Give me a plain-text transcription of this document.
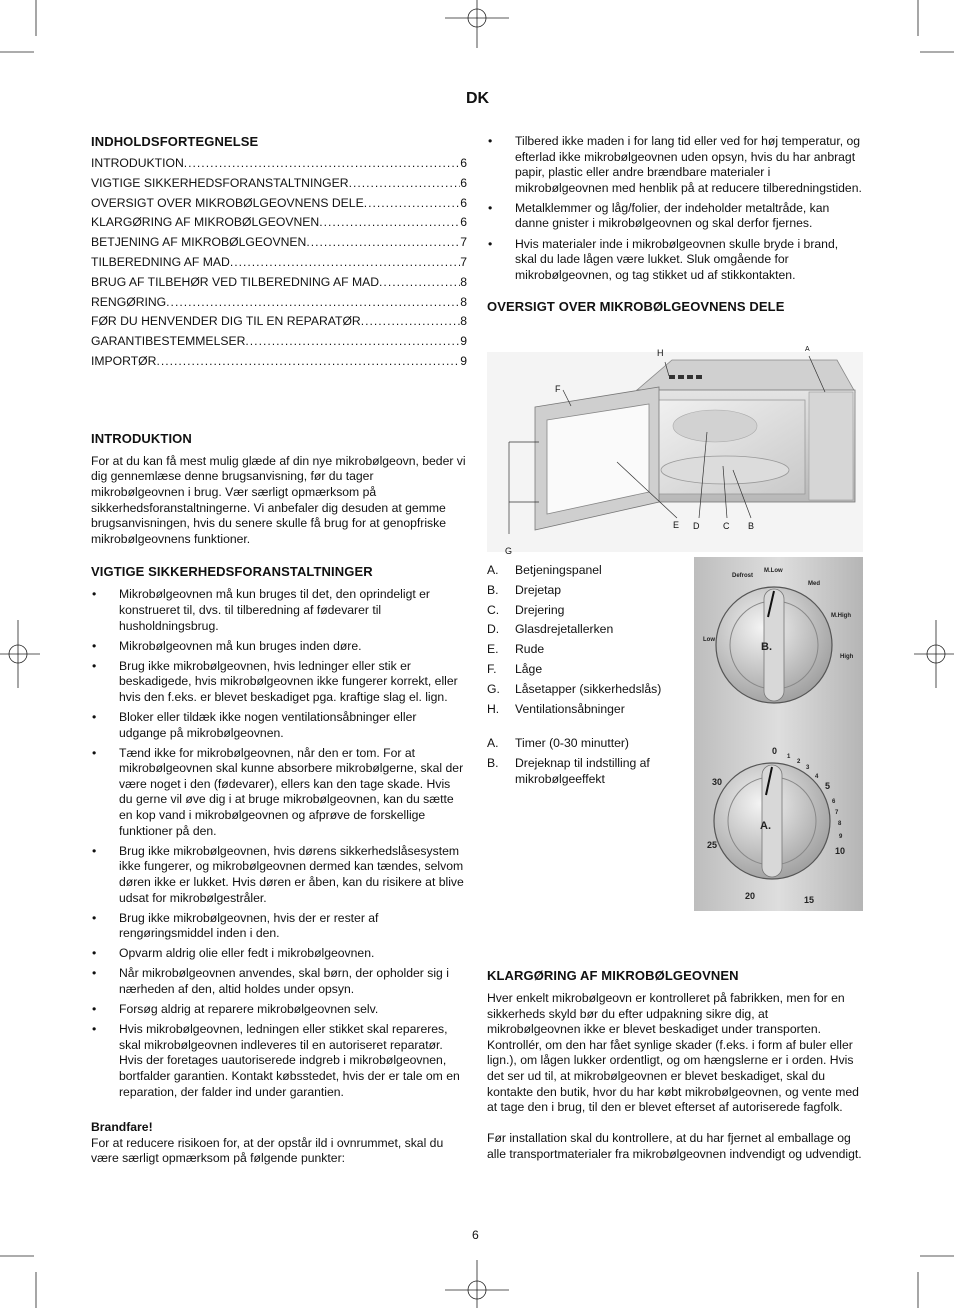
DK
INDHOLDSFORTEGNELSE
INTRODUKTION .....	6
VIGTIGE SIKKERHEDSFORANSTALTNINGER .....	6
OVERSIGT OVER MIKROBØLGEOVNENS DELE .....	6
KLARGØRING AF MIKROBØLGEOVNEN .....	6
BETJENING AF MIKROBØLGEOVNEN .....	7
TILBEREDNING AF MAD .....	7
BRUG AF TILBEHØR VED TILBEREDNING AF MAD .....	8
RENGØRING .....	8
FØR DU HENVENDER DIG TIL EN REPARATØR .....	8
GARANTIBESTEMMELSER .....	9
IMPORTØR .....	9
INTRODUKTION

For at du kan få mest mulig glæde af din nye mikrobølgeovn, beder vi dig gennemlæse denne brugsanvisning, før du tager mikrobølgeovnen i brug. Vær særligt opmærksom på sikkerhedsforanstaltningerne. Vi anbefaler dig desuden at gemme brugsanvisningen, hvis du senere skulle få brug for at genopfriske mikrobølgeovnens funktioner.

VIGTIGE SIKKERHEDSFORANSTALTNINGER
• Mikrobølgeovnen må kun bruges til det, den oprindeligt er konstrueret til, dvs. til tilberedning af fødevarer til husholdningsbrug.
• Mikrobølgeovnen må kun bruges inden døre.
• Brug ikke mikrobølgeovnen, hvis ledninger eller stik er beskadigede, hvis mikrobølgeovnen ikke fungerer korrekt, eller hvis den f.eks. er blevet beskadiget pga. kraftige slag el. lign.
• Bloker eller tildæk ikke nogen ventilationsåbninger eller udgange på mikrobølgeovnen.
• Tænd ikke for mikrobølgeovnen, når den er tom. For at mikrobølgeovnen skal kunne absorbere mikrobølgerne, skal der være noget i den (fødevarer), ellers kan den tage skade. Hvis du gerne vil øve dig i at bruge mikrobølgeovnen, kan du sætte en kop vand i mikrobølgeovnen og afprøve de forskellige funktioner på den.
• Brug ikke mikrobølgeovnen, hvis dørens sikkerhedslåsesystem ikke fungerer, og mikrobølgeovnen dermed kan tændes, selvom døren ikke er lukket. Hvis døren er åben, kan du risikere at blive udsat for mikrobølgestråler.
• Brug ikke mikrobølgeovnen, hvis der er rester af rengøringsmiddel inden i den.
• Opvarm aldrig olie eller fedt i mikrobølgeovnen.
• Når mikrobølgeovnen anvendes, skal børn, der opholder sig i nærheden af den, altid holdes under opsyn.
• Forsøg aldrig at reparere mikrobølgeovnen selv.
• Hvis mikrobølgeovnen, ledningen eller stikket skal repareres, skal mikrobølgeovnen indleveres til en autoriseret reparatør. Hvis der foretages uautoriserede indgreb i mikrobølgeovnen, bortfalder garantien. Kontakt købsstedet, hvis der er tale om en reparation, der falder ind under garantien.

Brandfare!

For at reducere risikoen for, at der opstår ild i ovnrummet, skal du være særligt opmærksom på følgende punkter:

• Tilbered ikke maden i for lang tid eller ved for høj temperatur, og efterlad ikke mikrobølgeovnen uden opsyn, hvis du har anbragt papir, plastic eller andre brændbare materialer i mikrobølgeovnen med henblik på at reducere tilberedningstiden.
• Metalklemmer og låg/folier, der indeholder metaltråde, kan danne gnister i mikrobølgeovnen og skal derfor fjernes.
• Hvis materialer inde i mikrobølgeovnen skulle bryde i brand, skal du lade lågen være lukket. Sluk omgående for mikrobølgeovnen, og tag stikket ud af stikkontakten.
OVERSIGT OVER MIKROBØLGEOVNENS DELE
H	A
F
E D	C B
G
A.	Betjeningspanel
B.	Drejetap
C.	Drejering
D.	Glasdrejetallerken
E.	Rude
F.	Låge
G.	Låsetapper (sikkerhedslås)
H.	Ventilationsåbninger
A.	Timer (0-30 minutter)
B.	Drejeknap til indstilling af mikrobølgeeffekt
Low
Defrost
M.Low
Med
M.High
High
B.
0
1
2
3
4
5
6
7
8
9
10
15
20
25
30
A.
KLARGØRING AF MIKROBØLGEOVNEN

Hver enkelt mikrobølgeovn er kontrolleret på fabrikken, men for en sikkerheds skyld bør du efter udpakning sikre dig, at mikrobølgeovnen ikke er blevet beskadiget under transporten. Kontrollér, om den har fået synlige skader (f.eks. i form af buler eller lign.), om lågen lukker ordentligt, og om hængslerne er i orden. Hvis det ser ud til, at mikrobølgeovnen er blevet beskadiget, skal du kontakte den butik, hvor du har købt mikrobølgeovnen, og vente med at tage den i brug, til den er blevet efterset af autoriserede fagfolk.

Før installation skal du kontrollere, at du har fjernet al emballage og alle transportmaterialer fra mikrobølgeovnen indvendigt og udvendigt.

6
